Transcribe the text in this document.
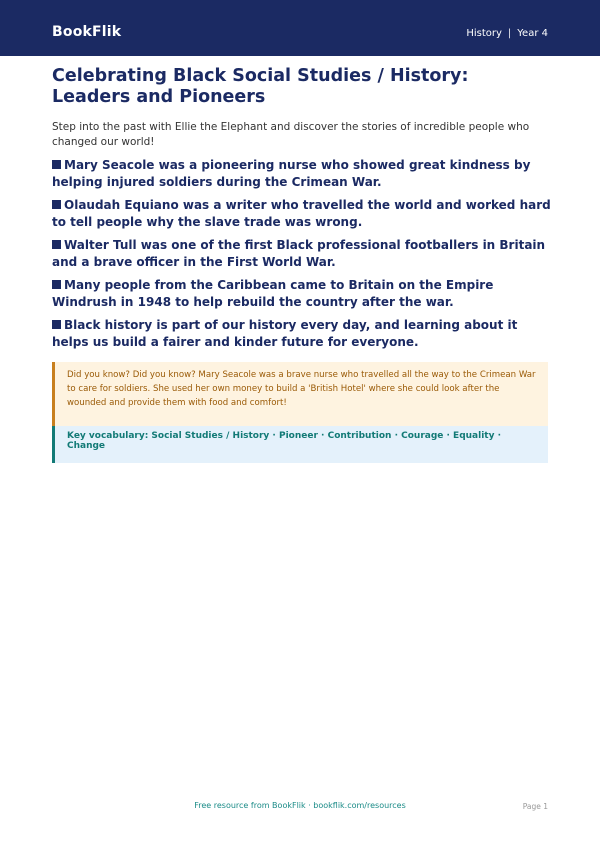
BookFlik	History | Year 4
Celebrating Black Social Studies / History: Leaders and Pioneers

Step into the past with Ellie the Elephant and discover the stories of incredible people who changed our world!

Mary Seacole was a pioneering nurse who showed great kindness by helping injured soldiers during the Crimean War.
Olaudah Equiano was a writer who travelled the world and worked hard to tell people why the slave trade was wrong.
Walter Tull was one of the first Black professional footballers in Britain and a brave officer in the First World War.
Many people from the Caribbean came to Britain on the Empire Windrush in 1948 to help rebuild the country after the war.
Black history is part of our history every day, and learning about it helps us build a fairer and kinder future for everyone.
Did you know? Did you know? Mary Seacole was a brave nurse who travelled all the way to the Crimean War to care for soldiers. She used her own money to build a 'British Hotel' where she could look after the wounded and provide them with food and comfort!
Key vocabulary: Social Studies / History · Pioneer · Contribution · Courage · Equality · Change
Free resource from BookFlik · bookflik.com/resources	Page 1
